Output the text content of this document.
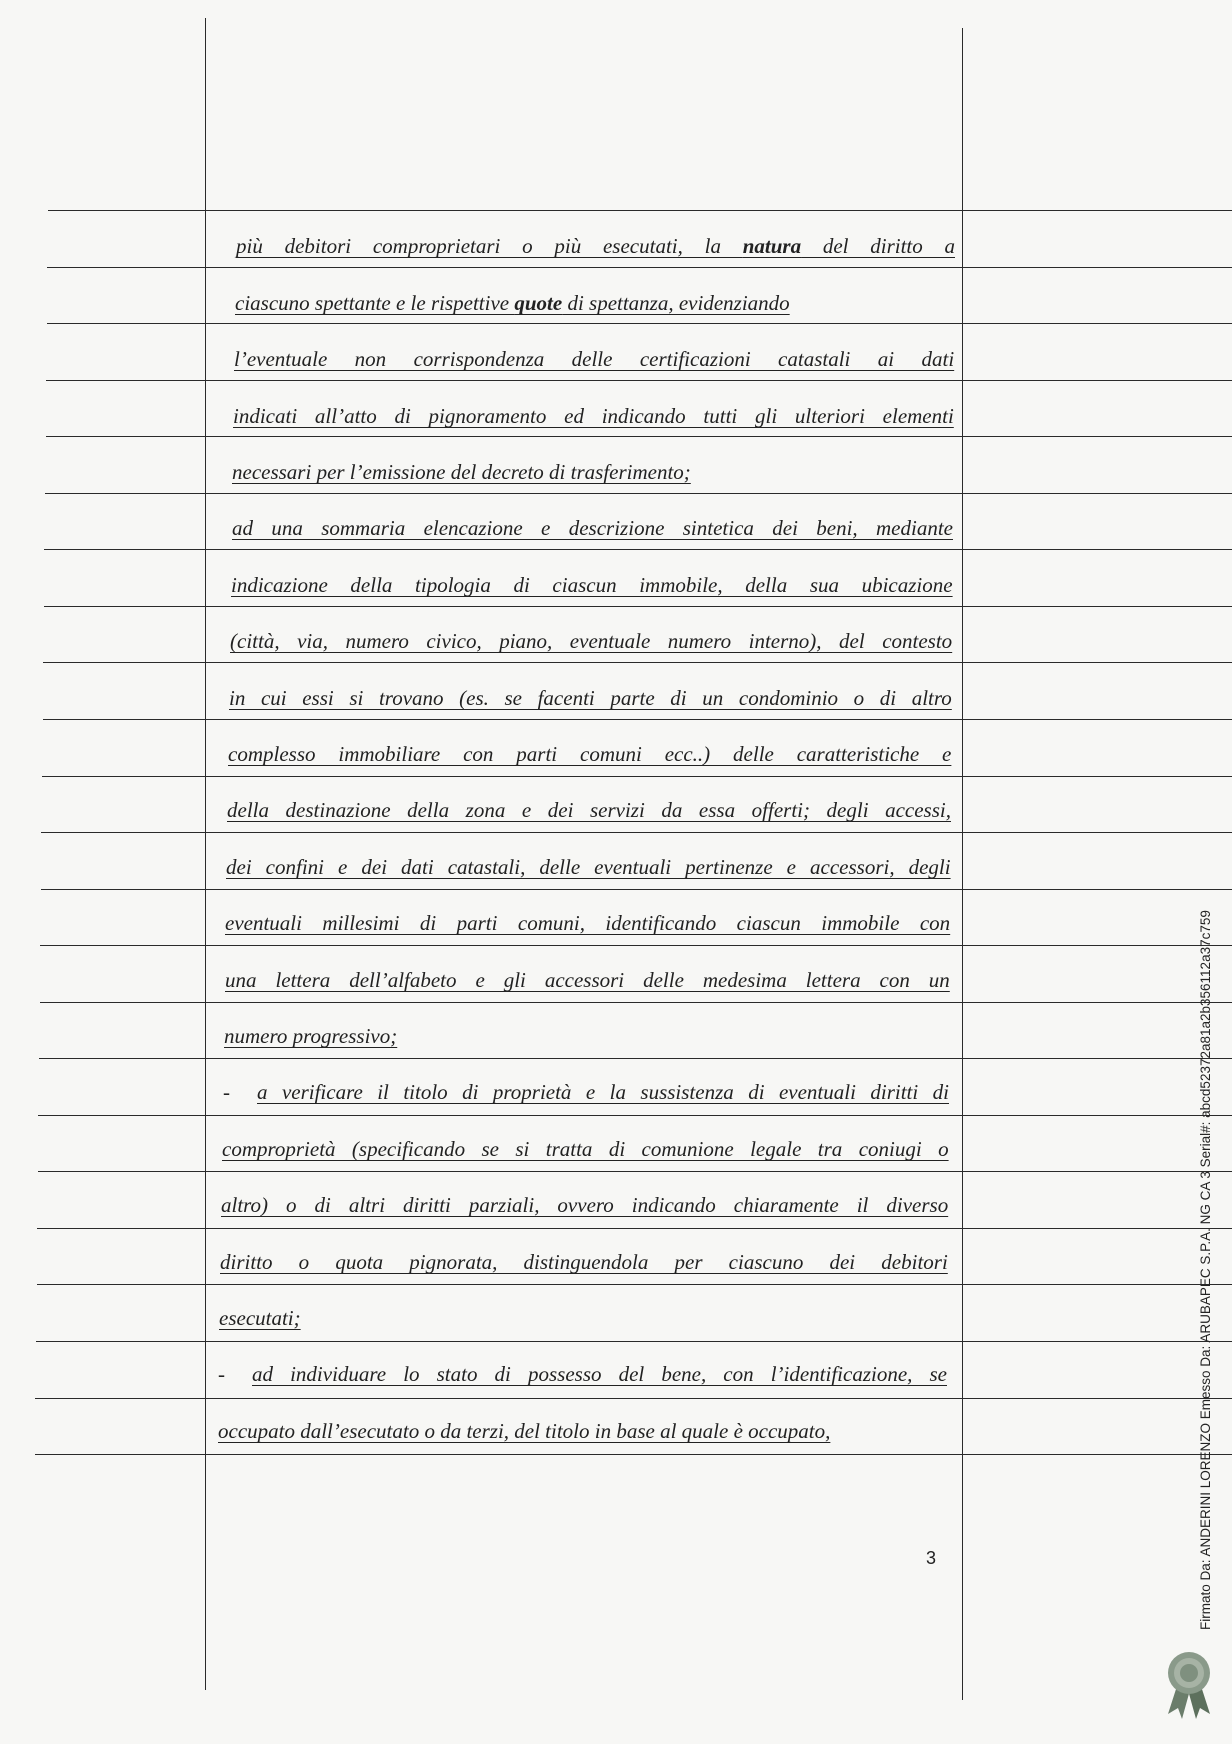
più debitori comproprietari o più esecutati, la natura del diritto a
ciascuno spettante e le rispettive quote di spettanza, evidenziando
l’eventuale non corrispondenza delle certificazioni catastali ai dati
indicati all’atto di pignoramento ed indicando tutti gli ulteriori elementi
necessari per l’emissione del decreto di trasferimento;
ad una sommaria elencazione e descrizione sintetica dei beni, mediante
indicazione della tipologia di ciascun immobile, della sua ubicazione
(città, via, numero civico, piano, eventuale numero interno), del contesto
in cui essi si trovano (es. se facenti parte di un condominio o di altro
complesso immobiliare con parti comuni ecc..) delle caratteristiche e
della destinazione della zona e dei servizi da essa offerti; degli accessi,
dei confini e dei dati catastali, delle eventuali pertinenze e accessori, degli
eventuali millesimi di parti comuni, identificando ciascun immobile con
una lettera dell’alfabeto e gli accessori delle medesima lettera con un
numero progressivo;
- a verificare il titolo di proprietà e la sussistenza di eventuali diritti di
comproprietà (specificando se si tratta di comunione legale tra coniugi o
altro) o di altri diritti parziali, ovvero indicando chiaramente il diverso
diritto o quota pignorata, distinguendola per ciascuno dei debitori
esecutati;
- ad individuare lo stato di possesso del bene, con l’identificazione, se
occupato dall’esecutato o da terzi, del titolo in base al quale è occupato,
3	Firmato Da: ANDERINI LORENZO Emesso Da: ARUBAPEC S.P.A. NG CA 3 Serial#: abcd52372a81a2b356112a37c759
